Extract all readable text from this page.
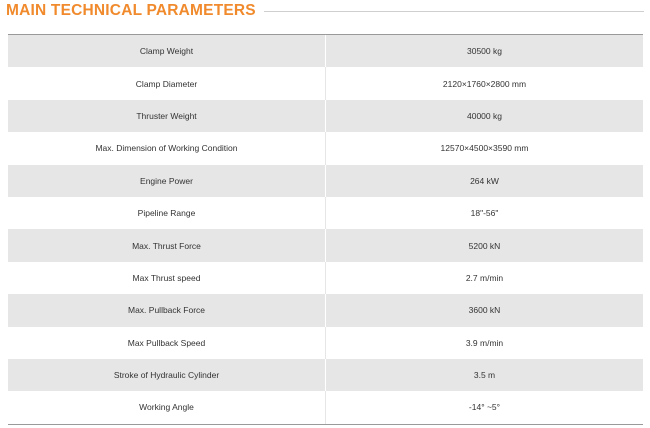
MAIN TECHNICAL PARAMETERS
Clamp Weight	30500 kg
Clamp Diameter	2120×1760×2800 mm
Thruster Weight	40000 kg
Max. Dimension of Working Condition	12570×4500×3590 mm
Engine Power	264 kW
Pipeline Range	18"-56"
Max. Thrust Force	5200 kN
Max Thrust speed	2.7 m/min
Max. Pullback Force	3600 kN
Max Pullback Speed	3.9 m/min
Stroke of Hydraulic Cylinder	3.5 m
Working Angle	-14° ~5°
